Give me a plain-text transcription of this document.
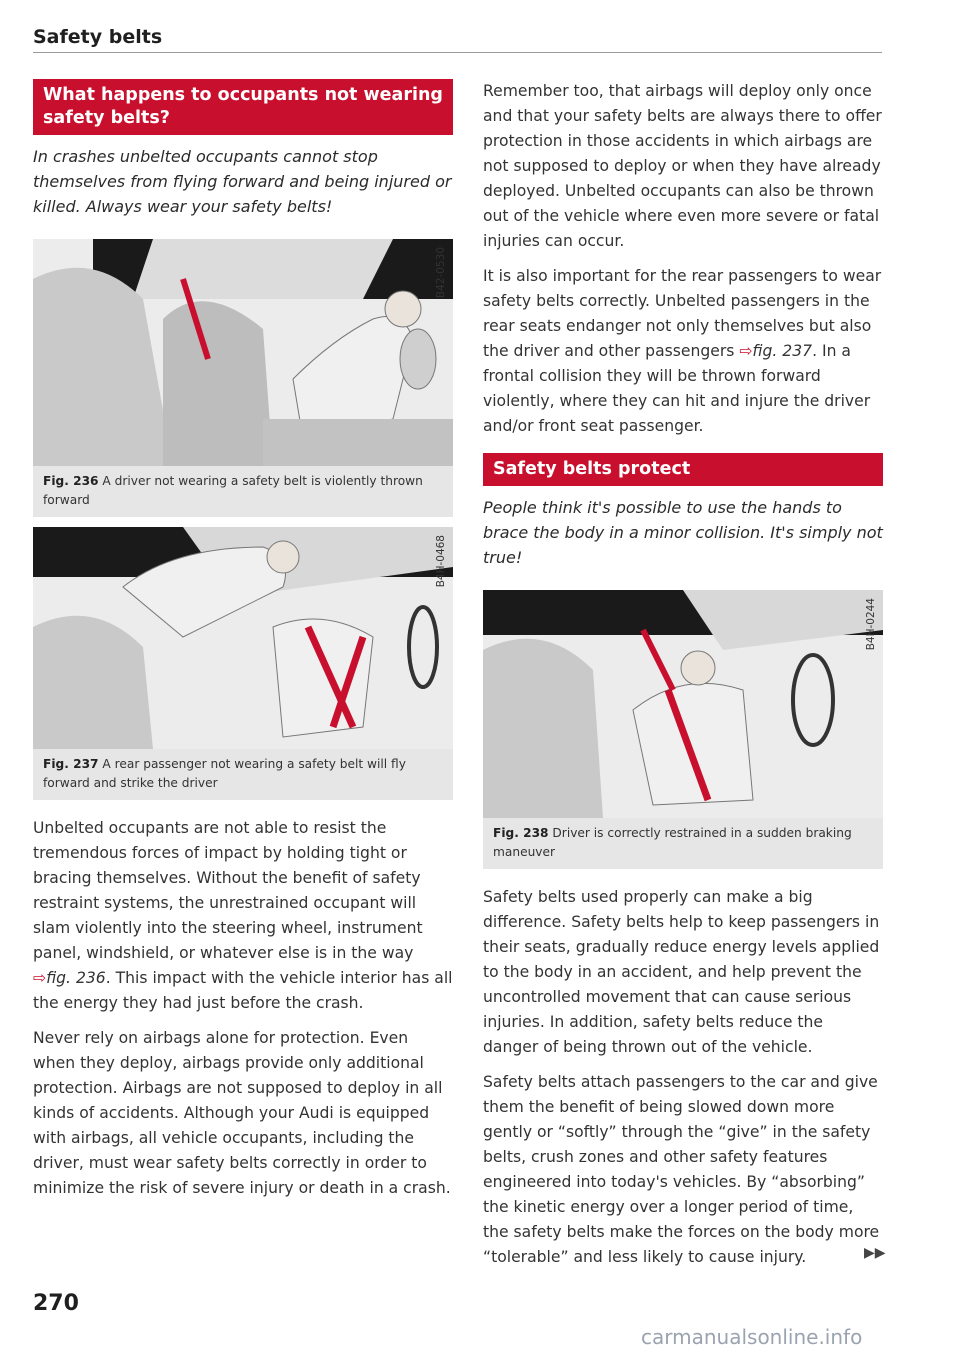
Safety belts
What happens to occupants not wearing safety belts?

In crashes unbelted occupants cannot stop themselves from flying forward and being injured or killed. Always wear your safety belts!

B42-0530
Fig. 236 A driver not wearing a safety belt is violently thrown forward
B4H-0468
Fig. 237 A rear passenger not wearing a safety belt will fly forward and strike the driver

Unbelted occupants are not able to resist the tremendous forces of impact by holding tight or bracing themselves. Without the benefit of safety restraint systems, the unrestrained occupant will slam violently into the steering wheel, instrument panel, windshield, or whatever else is in the way ⇨fig. 236. This impact with the vehicle interior has all the energy they had just before the crash.

Never rely on airbags alone for protection. Even when they deploy, airbags provide only additional protection. Airbags are not supposed to deploy in all kinds of accidents. Although your Audi is equipped with airbags, all vehicle occupants, including the driver, must wear safety belts correctly in order to minimize the risk of severe injury or death in a crash.

Remember too, that airbags will deploy only once and that your safety belts are always there to offer protection in those accidents in which airbags are not supposed to deploy or when they have already deployed. Unbelted occupants can also be thrown out of the vehicle where even more severe or fatal injuries can occur.

It is also important for the rear passengers to wear safety belts correctly. Unbelted passengers in the rear seats endanger not only themselves but also the driver and other passengers ⇨fig. 237. In a frontal collision they will be thrown forward violently, where they can hit and injure the driver and/or front seat passenger.

Safety belts protect

People think it's possible to use the hands to brace the body in a minor collision. It's simply not true!

B4H-0244
Fig. 238 Driver is correctly restrained in a sudden braking maneuver

Safety belts used properly can make a big difference. Safety belts help to keep passengers in their seats, gradually reduce energy levels applied to the body in an accident, and help prevent the uncontrolled movement that can cause serious injuries. In addition, safety belts reduce the danger of being thrown out of the vehicle.

Safety belts attach passengers to the car and give them the benefit of being slowed down more gently or “softly” through the “give” in the safety belts, crush zones and other safety features engineered into today's vehicles. By “absorbing” the kinetic energy over a longer period of time, the safety belts make the forces on the body more “tolerable” and less likely to cause injury.	▶▶
270
carmanualsonline.info
